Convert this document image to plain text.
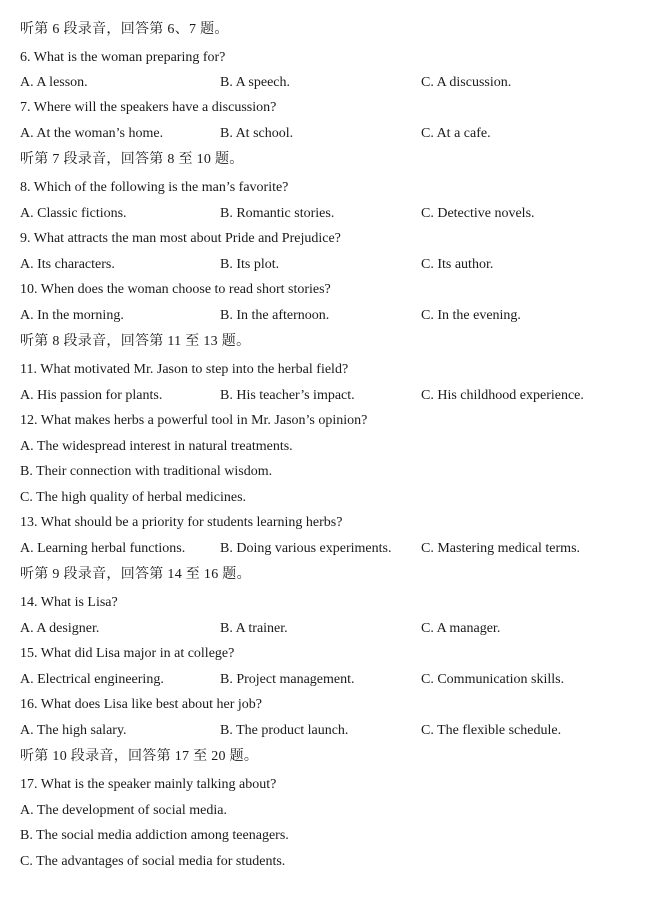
听第 6 段录音，回答第 6、7 题。
6. What is the woman preparing for?
A. A lesson.	B. A speech.	C. A discussion.
7. Where will the speakers have a discussion?
A. At the woman’s home.	B. At school.	C. At a cafe.
听第 7 段录音，回答第 8 至 10 题。
8. Which of the following is the man’s favorite?
A. Classic fictions.	B. Romantic stories.	C. Detective novels.
9. What attracts the man most about Pride and Prejudice?
A. Its characters.	B. Its plot.	C. Its author.
10. When does the woman choose to read short stories?
A. In the morning.	B. In the afternoon.	C. In the evening.
听第 8 段录音，回答第 11 至 13 题。
11. What motivated Mr. Jason to step into the herbal field?
A. His passion for plants.	B. His teacher’s impact.	C. His childhood experience.
12. What makes herbs a powerful tool in Mr. Jason’s opinion?
A. The widespread interest in natural treatments.
B. Their connection with traditional wisdom.
C. The high quality of herbal medicines.
13. What should be a priority for students learning herbs?
A. Learning herbal functions. B. Doing various experiments. C. Mastering medical terms.
听第 9 段录音，回答第 14 至 16 题。
14. What is Lisa?
A. A designer.	B. A trainer.	C. A manager.
15. What did Lisa major in at college?
A. Electrical engineering.	B. Project management.	C. Communication skills.
16. What does Lisa like best about her job?
A. The high salary.	B. The product launch.	C. The flexible schedule.
听第 10 段录音，回答第 17 至 20 题。
17. What is the speaker mainly talking about?
A. The development of social media.
B. The social media addiction among teenagers.
C. The advantages of social media for students.
